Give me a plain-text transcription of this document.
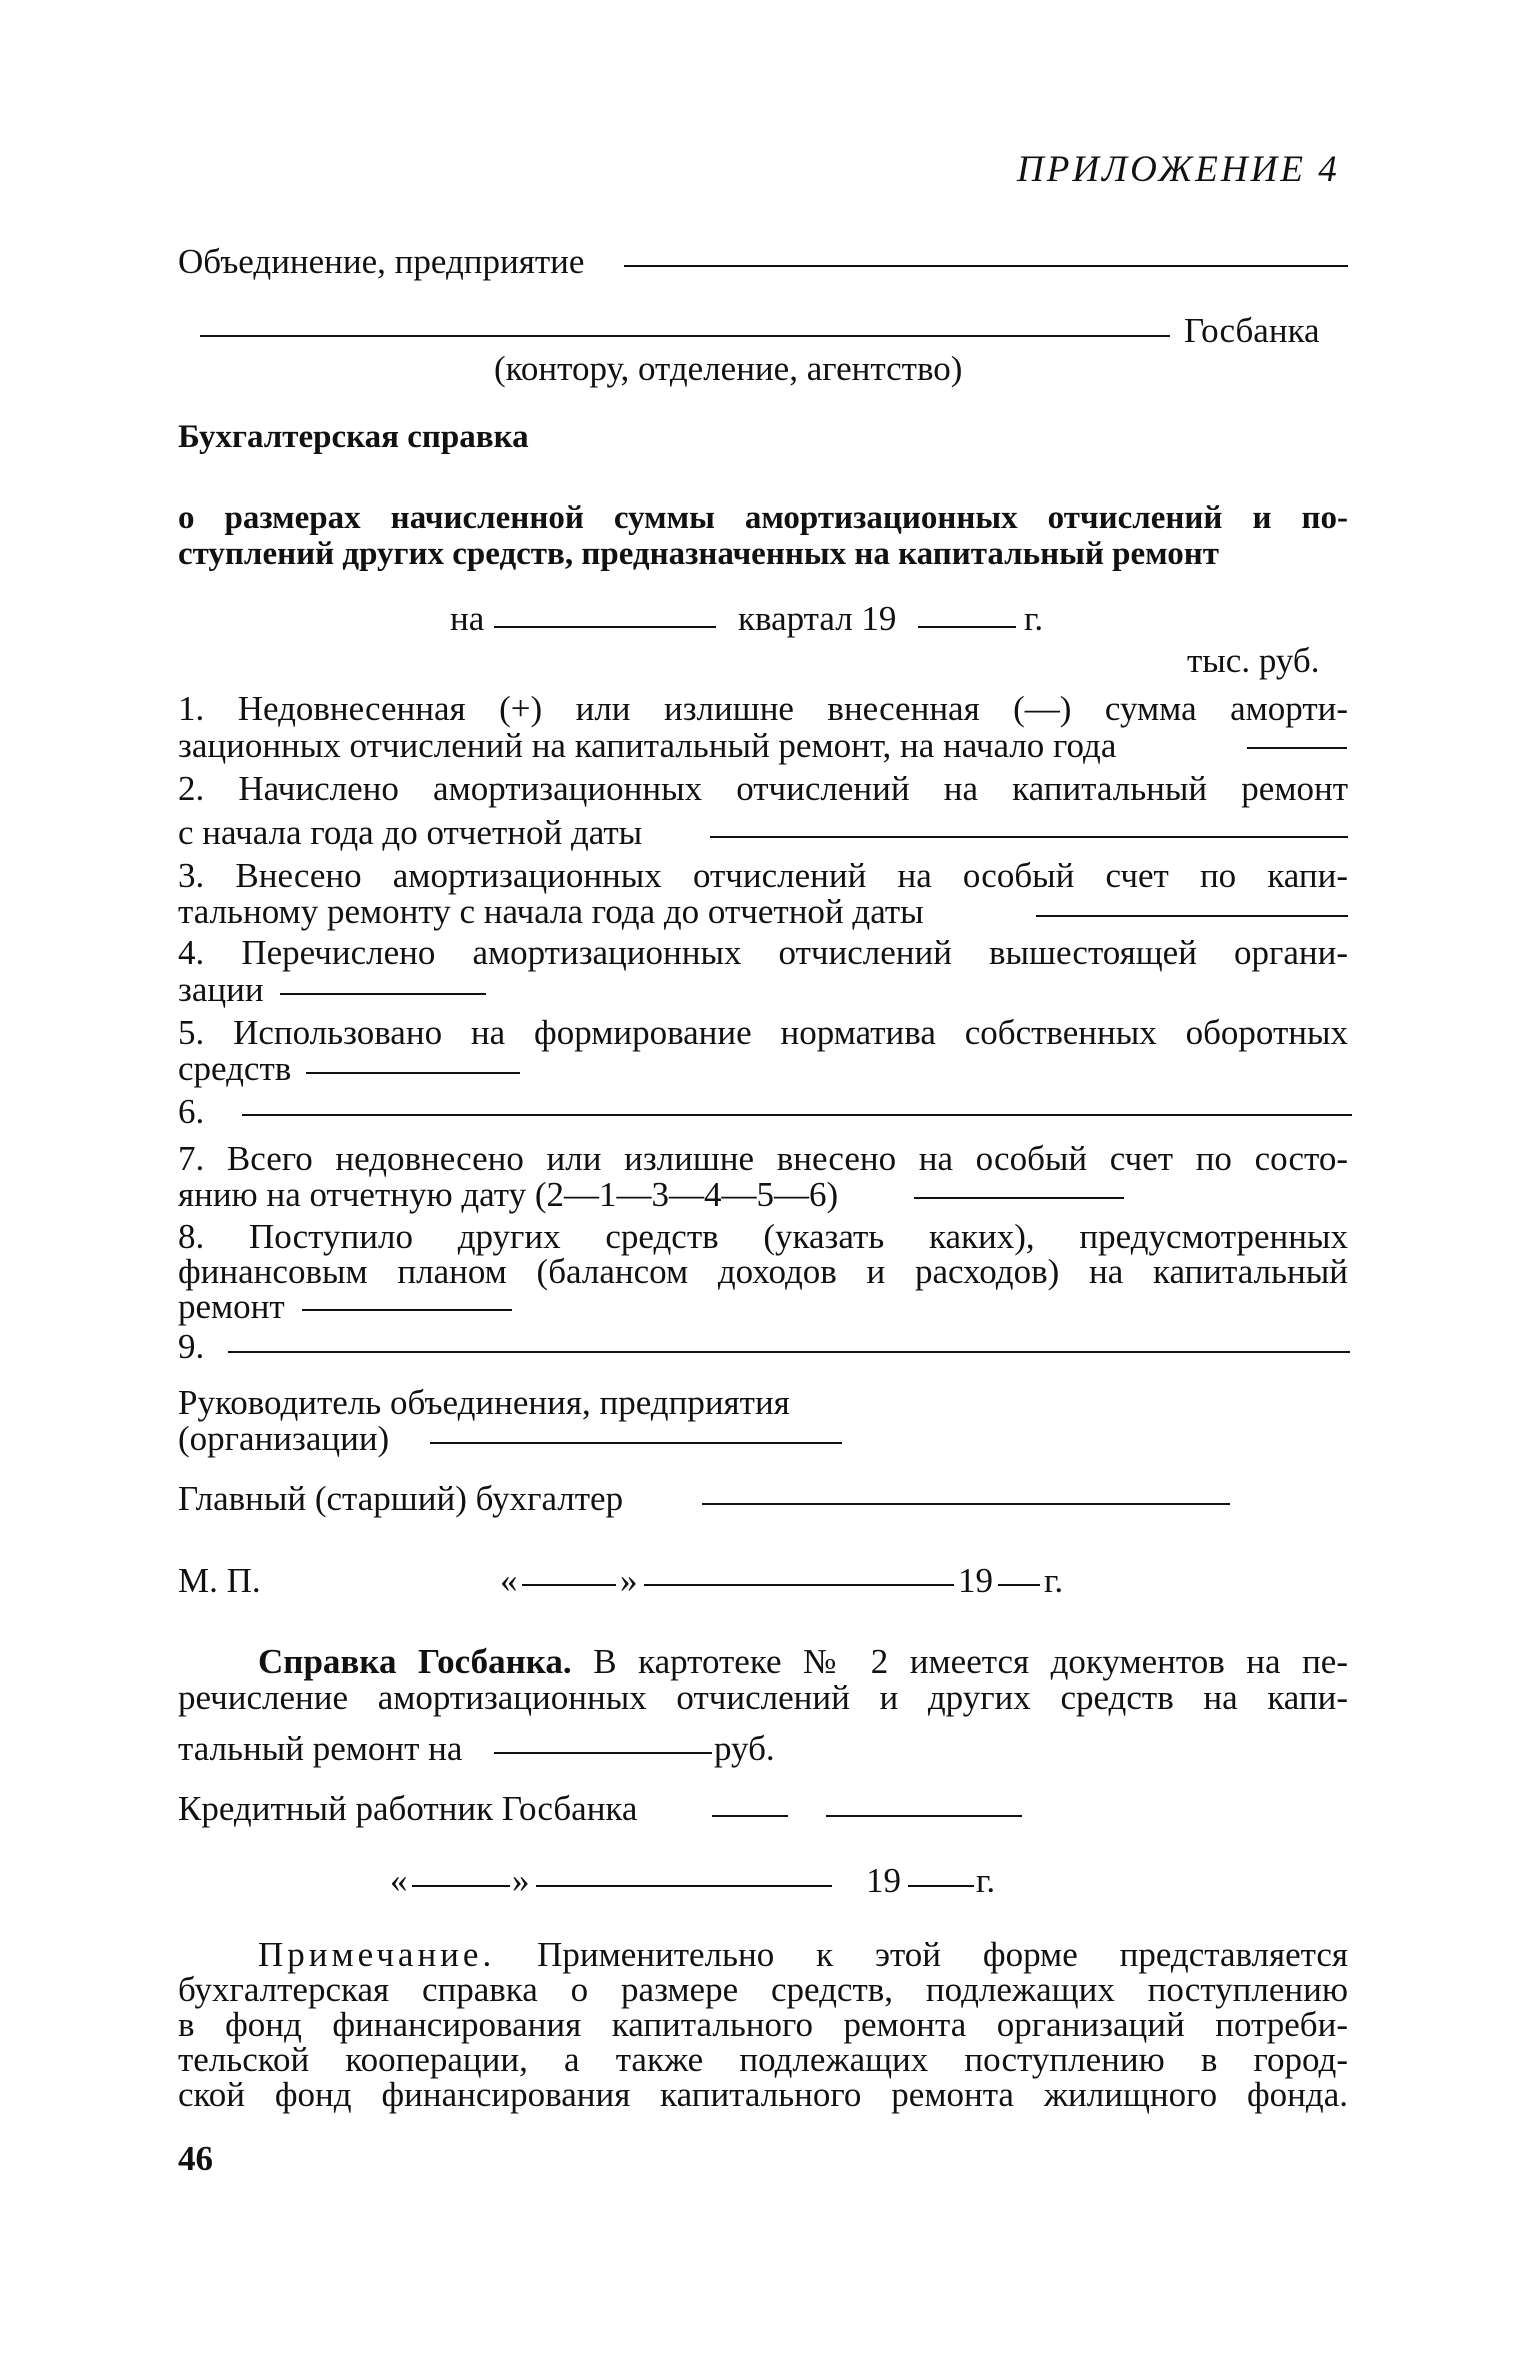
ПРИЛОЖЕНИЕ 4
Объединение, предприятие
Госбанка
(контору, отделение, агентство)
Бухгалтерская справка
о размерах начисленной суммы амортизационных отчислений и по-
ступлений других средств, предназначенных на капитальный ремонт
на	квартал 19	г.
тыс. руб.
1. Недовнесенная (+) или излишне внесенная (—) сумма аморти-
зационных отчислений на капитальный ремонт, на начало года
2. Начислено амортизационных отчислений на капитальный ремонт
с начала года до отчетной даты
3. Внесено амортизационных отчислений на особый счет по капи-
тальному ремонту с начала года до отчетной даты
4. Перечислено амортизационных отчислений вышестоящей органи-
зации
5. Использовано на формирование норматива собственных оборотных
средств
6.
7. Всего недовнесено или излишне внесено на особый счет по состо-
янию на отчетную дату (2—1—3—4—5—6)
8. Поступило других средств (указать каких), предусмотренных
финансовым планом (балансом доходов и расходов) на капитальный
ремонт
9.
Руководитель объединения, предприятия
(организации)
Главный (старший) бухгалтер
М. П.	«	»	19 г.
Справка Госбанка. В картотеке № 2 имеется документов на пе-
речисление амортизационных отчислений и других средств на капи-
тальный ремонт на	руб.
Кредитный работник Госбанка
«	»	19 г.
Примечание. Применительно к этой форме представляется
бухгалтерская справка о размере средств, подлежащих поступлению
в фонд финансирования капитального ремонта организаций потреби-
тельской кооперации, а также подлежащих поступлению в город-
ской фонд финансирования капитального ремонта жилищного фонда.
46
